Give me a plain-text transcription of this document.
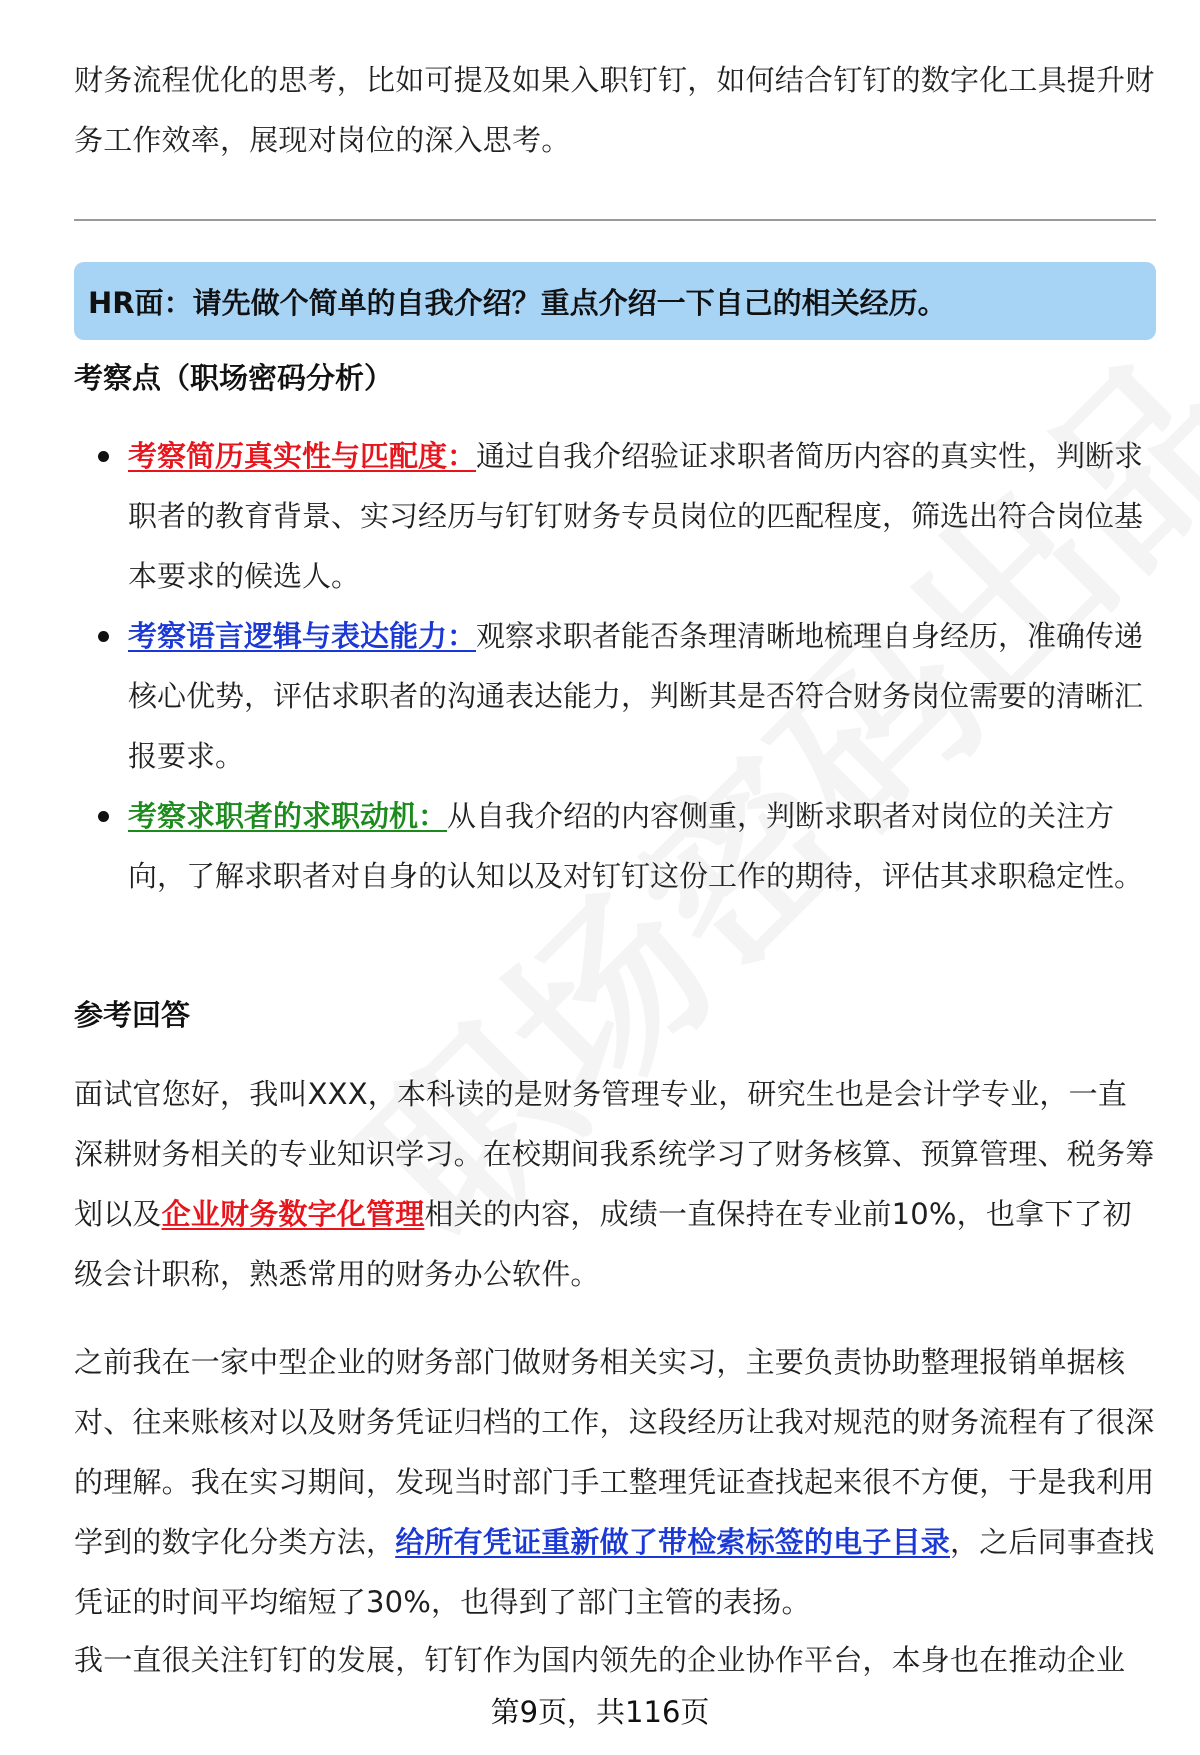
财务流程优化的思考，比如可提及如果入职钉钉，如何结合钉钉的数字化工具提升财务工作效率，展现对岗位的深入思考。

HR面：请先做个简单的自我介绍？重点介绍一下自己的相关经历。
考察点（职场密码分析）
考察简历真实性与匹配度：通过自我介绍验证求职者简历内容的真实性，判断求职者的教育背景、实习经历与钉钉财务专员岗位的匹配程度，筛选出符合岗位基本要求的候选人。
考察语言逻辑与表达能力：观察求职者能否条理清晰地梳理自身经历，准确传递核心优势，评估求职者的沟通表达能力，判断其是否符合财务岗位需要的清晰汇报要求。
考察求职者的求职动机：从自我介绍的内容侧重，判断求职者对岗位的关注方向，了解求职者对自身的认知以及对钉钉这份工作的期待，评估其求职稳定性。
参考回答

面试官您好，我叫XXX，本科读的是财务管理专业，研究生也是会计学专业，一直深耕财务相关的专业知识学习。在校期间我系统学习了财务核算、预算管理、税务筹划以及企业财务数字化管理相关的内容，成绩一直保持在专业前10%，也拿下了初级会计职称，熟悉常用的财务办公软件。

之前我在一家中型企业的财务部门做财务相关实习，主要负责协助整理报销单据核对、往来账核对以及财务凭证归档的工作，这段经历让我对规范的财务流程有了很深的理解。我在实习期间，发现当时部门手工整理凭证查找起来很不方便，于是我利用学到的数字化分类方法，给所有凭证重新做了带检索标签的电子目录，之后同事查找凭证的时间平均缩短了30%，也得到了部门主管的表扬。

我一直很关注钉钉的发展，钉钉作为国内领先的企业协作平台，本身也在推动企业

第9页，共116页
